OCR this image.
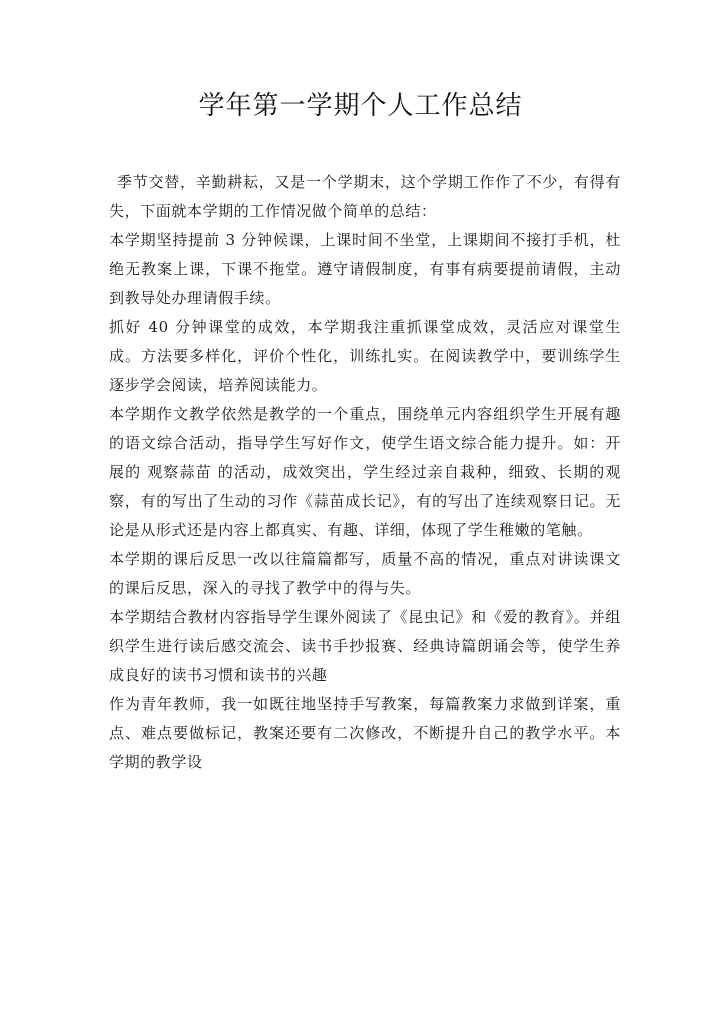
学年第一学期个人工作总结

季节交替，辛勤耕耘，又是一个学期末，这个学期工作作了不少，有得有失，下面就本学期的工作情况做个简单的总结：

本学期坚持提前 3 分钟候课，上课时间不坐堂，上课期间不接打手机，杜绝无教案上课，下课不拖堂。遵守请假制度，有事有病要提前请假，主动到教导处办理请假手续。

抓好 40 分钟课堂的成效，本学期我注重抓课堂成效，灵活应对课堂生成。方法要多样化，评价个性化，训练扎实。在阅读教学中，要训练学生逐步学会阅读，培养阅读能力。

本学期作文教学依然是教学的一个重点，围绕单元内容组织学生开展有趣的语文综合活动，指导学生写好作文，使学生语文综合能力提升。如：开展的 观察蒜苗 的活动，成效突出，学生经过亲自栽种，细致、长期的观察，有的写出了生动的习作《蒜苗成长记》，有的写出了连续观察日记。无论是从形式还是内容上都真实、有趣、详细，体现了学生稚嫩的笔触。

本学期的课后反思一改以往篇篇都写，质量不高的情况，重点对讲读课文的课后反思，深入的寻找了教学中的得与失。

本学期结合教材内容指导学生课外阅读了《昆虫记》和《爱的教育》。并组织学生进行读后感交流会、读书手抄报赛、经典诗篇朗诵会等，使学生养成良好的读书习惯和读书的兴趣

作为青年教师，我一如既往地坚持手写教案，每篇教案力求做到详案，重点、难点要做标记，教案还要有二次修改，不断提升自己的教学水平。本学期的教学设
